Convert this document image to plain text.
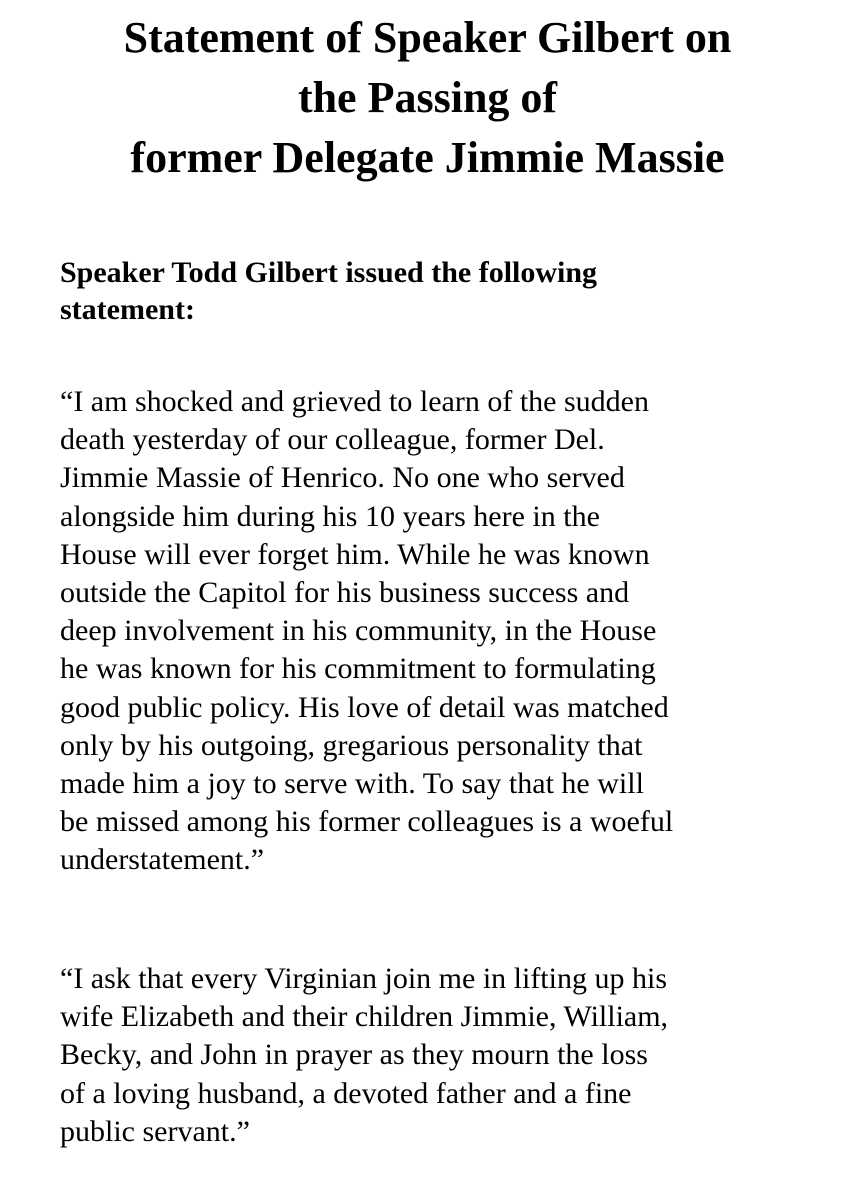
Statement of Speaker Gilbert on
the Passing of
former Delegate Jimmie Massie

Speaker Todd Gilbert issued the following
statement:

“I am shocked and grieved to learn of the sudden
death yesterday of our colleague, former Del.
Jimmie Massie of Henrico. No one who served
alongside him during his 10 years here in the
House will ever forget him. While he was known
outside the Capitol for his business success and
deep involvement in his community, in the House
he was known for his commitment to formulating
good public policy. His love of detail was matched
only by his outgoing, gregarious personality that
made him a joy to serve with. To say that he will
be missed among his former colleagues is a woeful
understatement.”

“I ask that every Virginian join me in lifting up his
wife Elizabeth and their children Jimmie, William,
Becky, and John in prayer as they mourn the loss
of a loving husband, a devoted father and a fine
public servant.”
